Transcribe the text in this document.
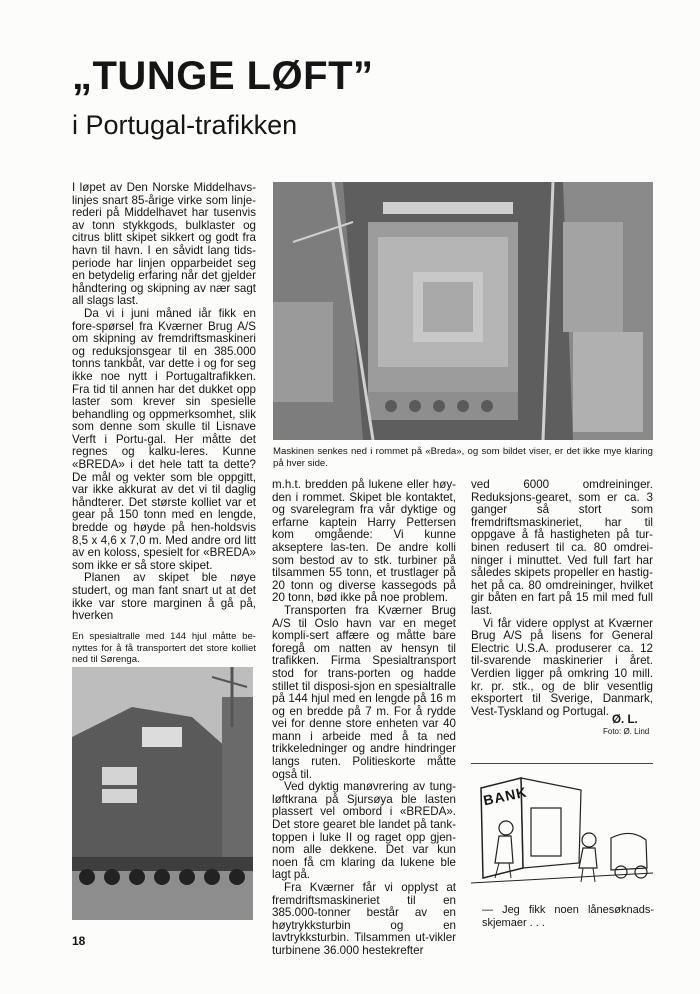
„TUNGE LØFT”
i Portugal-trafikken

I løpet av Den Norske Middelhavs-linjes snart 85-årige virke som linje-rederi på Middelhavet har tusenvis av tonn stykkgods, bulklaster og citrus blitt skipet sikkert og godt fra havn til havn. I en såvidt lang tids-periode har linjen opparbeidet seg en betydelig erfaring når det gjelder håndtering og skipning av nær sagt all slags last.

Da vi i juni måned iår fikk en fore-spørsel fra Kværner Brug A/S om skipning av fremdriftsmaskineri og reduksjonsgear til en 385.000 tonns tankbåt, var dette i og for seg ikke noe nytt i Portugaltrafikken. Fra tid til annen har det dukket opp laster som krever sin spesielle behandling og oppmerksomhet, slik som denne som skulle til Lisnave Verft i Portu-gal. Her måtte det regnes og kalku-leres. Kunne «BREDA» i det hele tatt ta dette? De mål og vekter som ble oppgitt, var ikke akkurat av det vi til daglig håndterer. Det største kolliet var et gear på 150 tonn med en lengde, bredde og høyde på hen-holdsvis 8,5 x 4,6 x 7,0 m. Med andre ord litt av en koloss, spesielt for «BREDA» som ikke er så store skipet.

Planen av skipet ble nøye studert, og man fant snart ut at det ikke var store marginen å gå på, hverken

Maskinen senkes ned i rommet på «Breda», og som bildet viser, er det ikke mye klaring på hver side.

m.h.t. bredden på lukene eller høy-den i rommet. Skipet ble kontaktet, og svarelegram fra vår dyktige og erfarne kaptein Harry Pettersen kom omgående: Vi kunne akseptere las-ten. De andre kolli som bestod av to stk. turbiner på tilsammen 55 tonn, et trustlager på 20 tonn og diverse kassegods på 20 tonn, bød ikke på noe problem.

Transporten fra Kværner Brug A/S til Oslo havn var en meget kompli-sert affære og måtte bare foregå om natten av hensyn til trafikken. Firma Spesialtransport stod for trans-porten og hadde stillet til disposi-sjon en spesialtralle på 144 hjul med en lengde på 16 m og en bredde på 7 m. For å rydde vei for denne store enheten var 40 mann i arbeide med å ta ned trikkeledninger og andre hindringer langs ruten. Politieskorte måtte også til.

Ved dyktig manøvrering av tung-løftkrana på Sjursøya ble lasten plassert vel ombord i «BREDA». Det store gearet ble landet på tank-toppen i luke II og raget opp gjen-nom alle dekkene. Det var kun noen få cm klaring da lukene ble lagt på.

Fra Kværner får vi opplyst at fremdriftsmaskineriet til en 385.000-tonner består av en høytrykksturbin og en lavtrykksturbin. Tilsammen ut-vikler turbinene 36.000 hestekrefter

ved 6000 omdreininger. Reduksjons-gearet, som er ca. 3 ganger så stort som fremdriftsmaskineriet, har til oppgave å få hastigheten på tur-binen redusert til ca. 80 omdrei-ninger i minuttet. Ved full fart har således skipets propeller en hastig-het på ca. 80 omdreininger, hvilket gir båten en fart på 15 mil med full last.

Vi får videre opplyst at Kværner Brug A/S på lisens for General Electric U.S.A. produserer ca. 12 til-svarende maskinerier i året. Verdien ligger på omkring 10 mill. kr. pr. stk., og de blir vesentlig eksportert til Sverige, Danmark, Vest-Tyskland og Portugal.

Ø. L.
Foto: Ø. Lind
En spesialtralle med 144 hjul måtte be-nyttes for å få transportert det store kolliet ned til Sørenga.
BANK
— Jeg fikk noen lånesøknads-skjemaer . . .
18
